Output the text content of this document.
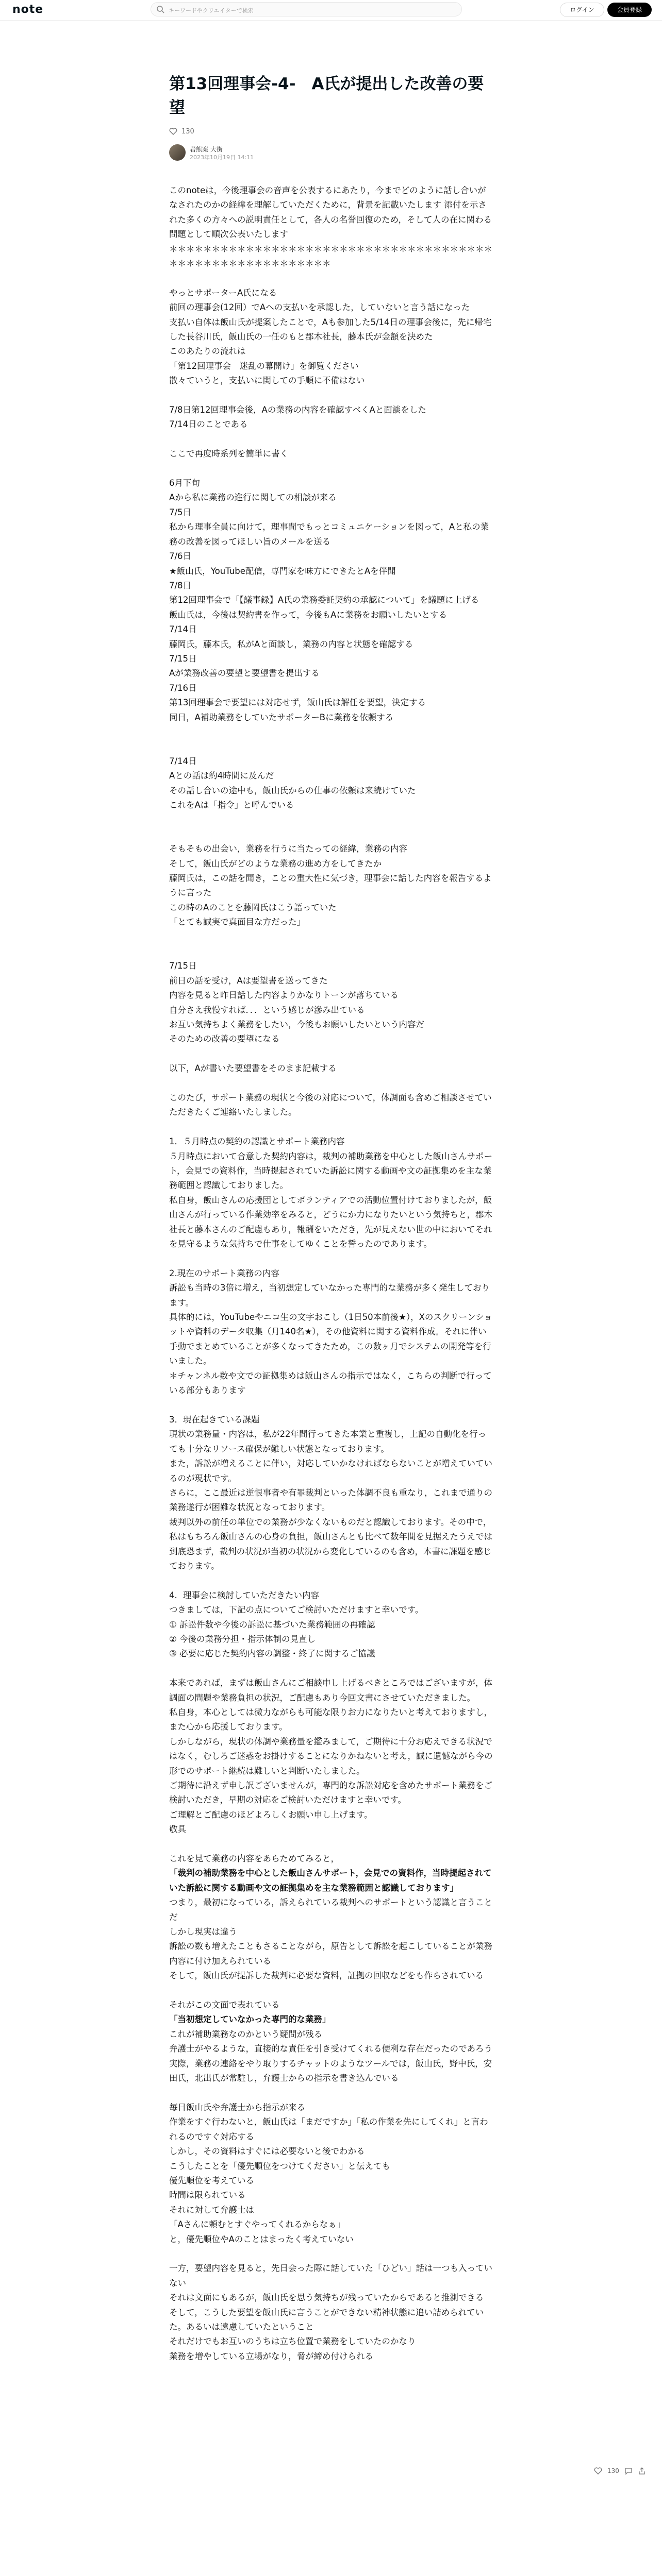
note	キーワードやクリエイターで検索	ログイン	会員登録
第13回理事会-4-　A氏が提出した改善の要望
130
岩熊案 大街
2023年10月19日 14:11

このnoteは，今後理事会の音声を公表するにあたり，今までどのように話し合いがなされたのかの経緯を理解していただくために，背景を記載いたします 添付を示された多くの方々への説明責任として，各人の名誉回復のため，そして人の在に関わる問題として順次公表いたします

＊＊＊＊＊＊＊＊＊＊＊＊＊＊＊＊＊＊＊＊＊＊＊＊＊＊＊＊＊＊＊＊＊＊＊＊＊＊＊＊＊＊＊＊＊＊＊＊＊＊＊＊＊＊＊＊＊

やっとサポーターA氏になる

前回の理事会(12回）でAへの支払いを承認した，していないと言う話になった

支払い自体は飯山氏が提案したことで，Aも参加した5/14日の理事会後に，先に帰宅した長谷川氏，飯山氏の一任のもと郡木社長，藤本氏が金額を決めた

このあたりの流れは

「第12回理事会　迷乱の幕開け」を御覧ください

散々ていうと，支払いに関しての手順に不備はない

7/8日第12回理事会後，Aの業務の内容を確認すべくAと面談をした

7/14日のことである

ここで再度時系列を簡単に書く

6月下旬

Aから私に業務の進行に関しての相談が来る

7/5日

私から理事全員に向けて，理事間でもっとコミュニケーションを図って，Aと私の業務の改善を図ってほしい旨のメールを送る

7/6日

★飯山氏，YouTube配信，専門家を味方にできたとAを伴聞

7/8日

第12回理事会で「【議事録】A氏の業務委託契約の承認について」を議題に上げる

飯山氏は，今後は契約書を作って，今後もAに業務をお願いしたいとする

7/14日

藤岡氏，藤本氏，私がAと面談し，業務の内容と状態を確認する

7/15日

Aが業務改善の要望と要望書を提出する

7/16日

第13回理事会で要望には対応せず，飯山氏は解任を要望，決定する

同日，A補助業務をしていたサポーターBに業務を依頼する

7/14日

Aとの話は約4時間に及んだ

その話し合いの途中も，飯山氏からの仕事の依頼は来続けていた

これをAは「指令」と呼んでいる

そもそもの出会い，業務を行うに当たっての経緯，業務の内容

そして，飯山氏がどのような業務の進め方をしてきたか

藤岡氏は，この話を聞き，ことの重大性に気づき，理事会に話した内容を報告するように言った

この時のAのことを藤岡氏はこう語っていた

「とても誠実で真面目な方だった」

7/15日

前日の話を受け，Aは要望書を送ってきた

内容を見ると昨日話した内容よりかなりトーンが落ちている

自分さえ我慢すれば．．．という感じが滲み出ている

お互い気持ちよく業務をしたい，今後もお願いしたいという内容だ

そのための改善の要望になる

以下，Aが書いた要望書をそのまま記載する

このたび，サポート業務の現状と今後の対応について，体調面も含めご相談させていただきたくご連絡いたしました。

1．５月時点の契約の認識とサポート業務内容

５月時点において合意した契約内容は，裁判の補助業務を中心とした飯山さんサポート，会見での資料作，当時提起されていた訴訟に関する動画や文の証拠集めを主な業務範囲と認識しておりました。

私自身，飯山さんの応援団としてボランティアでの活動位置付けておりましたが，飯山さんが行っている作業効率をみると，どうにか力になりたいという気持ちと，郡木社長と藤本さんのご配慮もあり，報酬をいただき，先が見えない世の中においてそれを見守るような気持ちで仕事をしてゆくことを誓ったのであります。

2.現在のサポート業務の内容

訴訟も当時の3倍に増え，当初想定していなかった専門的な業務が多く発生しております。

具体的には，YouTubeやニコ生の文字おこし（1日50本前後★），Xのスクリーンショットや資料のデータ収集（月140名★），その他資料に関する資料作成。それに伴い手動でまとめていることが多くなってきたため，この数ヶ月でシステムの開発等を行いました。

＊チャンネル数や文での証拠集めは飯山さんの指示ではなく，こちらの判断で行っている部分もあります

3．現在起きている課題

現状の業務量・内容は，私が22年間行ってきた本業と重複し，上記の自動化を行っても十分なリソース確保が難しい状態となっております。

また，訴訟が増えることに伴い，対応していかなければならないことが増えていているのが現状です。

さらに，ここ最近は逆恨事者や有罪裁判といった体調不良も重なり，これまで通りの業務遂行が困難な状況となっております。

裁判以外の前任の単位での業務が少なくないものだと認識しております。その中で，私はもちろん飯山さんの心身の負担，飯山さんとも比べて数年間を見据えたうえでは到底恐まず，裁判の状況が当初の状況から変化しているのも含め，本書に課題を感じております。

4．理事会に検討していただきたい内容

つきましては，下記の点についてご検討いただけますと幸いです。

① 訴訟件数や今後の訴訟に基づいた業務範囲の再確認

② 今後の業務分担・指示体制の見直し

③ 必要に応じた契約内容の調整・終了に関するご協議

本来であれば，まずは飯山さんにご相談申し上げるべきところではございますが，体調面の問題や業務負担の状況，ご配慮もあり今回文書にさせていただきました。

私自身，本心としては微力ながらも可能な限りお力になりたいと考えておりますし，また心から応援しております。

しかしながら，現状の体調や業務量を鑑みまして，ご期待に十分お応えできる状況ではなく，むしろご迷惑をお掛けすることになりかねないと考え，誠に遺憾ながら今の形でのサポート継続は難しいと判断いたしました。

ご期待に沿えず申し訳ございませんが，専門的な訴訟対応を含めたサポート業務をご検討いただき，早期の対応をご検討いただけますと幸いです。

ご理解とご配慮のほどよろしくお願い申し上げます。

敬具

これを見て業務の内容をあらためてみると，

「裁判の補助業務を中心とした飯山さんサポート，会見での資料作，当時提起されていた訴訟に関する動画や文の証拠集めを主な業務範囲と認識しております」

つまり，最初になっている，訴えられている裁判へのサポートという認識と言うことだ

しかし現実は違う

訴訟の数も増えたこともさることながら，原告として訴訟を起こしていることが業務内容に付け加えられている

そして，飯山氏が提訴した裁判に必要な資料，証拠の回収などをも作らされている

それがこの文面で表れている

「当初想定していなかった専門的な業務」

これが補助業務なのかという疑問が残る

弁護士がやるような，直接的な責任を引き受けてくれる便利な存在だったのであろう

実際，業務の連絡をやり取りするチャットのようなツールでは，飯山氏，野中氏，安田氏，北出氏が常駐し，弁護士からの指示を書き込んでいる

毎日飯山氏や弁護士から指示が来る

作業をすぐ行わないと，飯山氏は「まだですか」「私の作業を先にしてくれ」と言われるのですぐ対応する

しかし，その資料はすぐには必要ないと後でわかる

こうしたことを「優先順位をつけてください」と伝えても

優先順位を考えている

時間は限られている

それに対して弁護士は

「Aさんに頼むとすぐやってくれるからなぁ」

と，優先順位やAのことはまったく考えていない

一方，要望内容を見ると，先日会った際に話していた「ひどい」話は一つも入っていない

それは文面にもあるが，飯山氏を思う気持ちが残っていたからであると推測できる

そして，こうした要望を飯山氏に言うことができない精神状態に追い詰められていた。あるいは遠慮していたということ

それだけでもお互いのうちは立ち位置で業務をしていたのかなり

業務を増やしている立場がなり，脅が締め付けられる

130
